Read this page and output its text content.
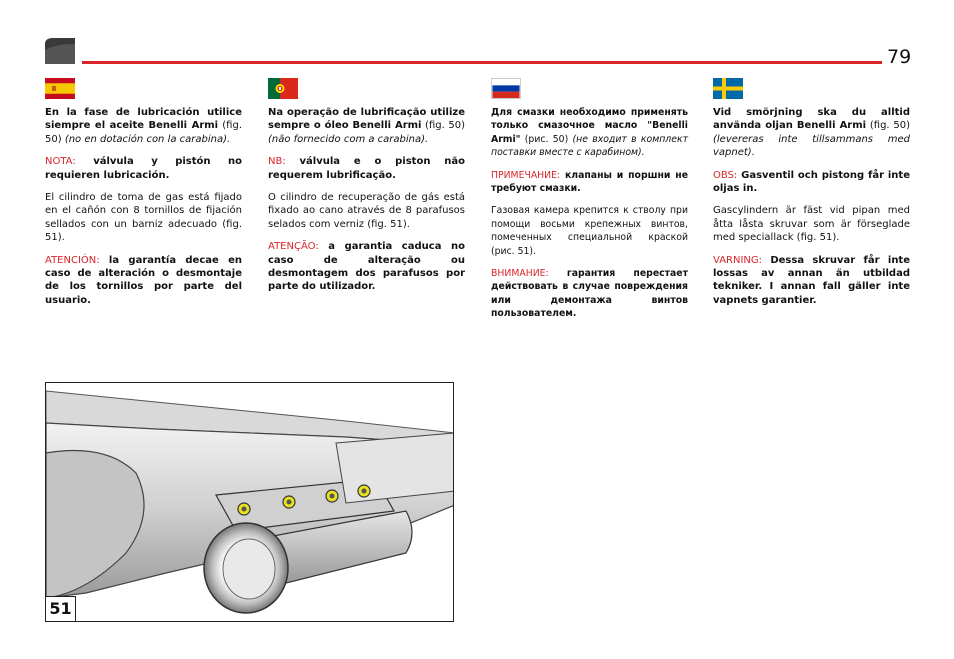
79

En la fase de lubricación utilice siempre el aceite Benelli Armi (fig. 50) (no en dotación con la carabina).

NOTA: válvula y pistón no requieren lubricación.

El cilindro de toma de gas está fijado en el cañón con 8 tornillos de fijación sellados con un barniz adecuado (fig. 51).

ATENCIÓN: la garantía decae en caso de alteración o desmontaje de los tornillos por parte del usuario.

Na operação de lubrificação utilize sempre o óleo Benelli Armi (fig. 50) (não fornecido com a carabina).

NB: válvula e o piston não requerem lubrificação.

O cilindro de recuperação de gás está fixado ao cano através de 8 parafusos selados com verniz (fig. 51).

ATENÇÃO: a garantia caduca no caso de alteração ou desmontagem dos parafusos por parte do utilizador.

Для смазки необходимо применять только смазочное масло "Benelli Armi" (рис. 50) (не входит в комплект поставки вместе с карабином).

ПРИМЕЧАНИЕ: клапаны и поршни не требуют смазки.

Газовая камера крепится к стволу при помощи восьми крепежных винтов, помеченных специальной краской (рис. 51).

ВНИМАНИЕ: гарантия перестает действовать в случае повреждения или демонтажа винтов пользователем.

Vid smörjning ska du alltid använda oljan Benelli Armi (fig. 50) (levereras inte tillsammans med vapnet).

OBS: Gasventil och pistong får inte oljas in.

Gascylindern är fäst vid pipan med åtta låsta skruvar som är förseglade med speciallack (fig. 51).

VARNING: Dessa skruvar får inte lossas av annan än utbildad tekniker. I annan fall gäller inte vapnets garantier.

51
